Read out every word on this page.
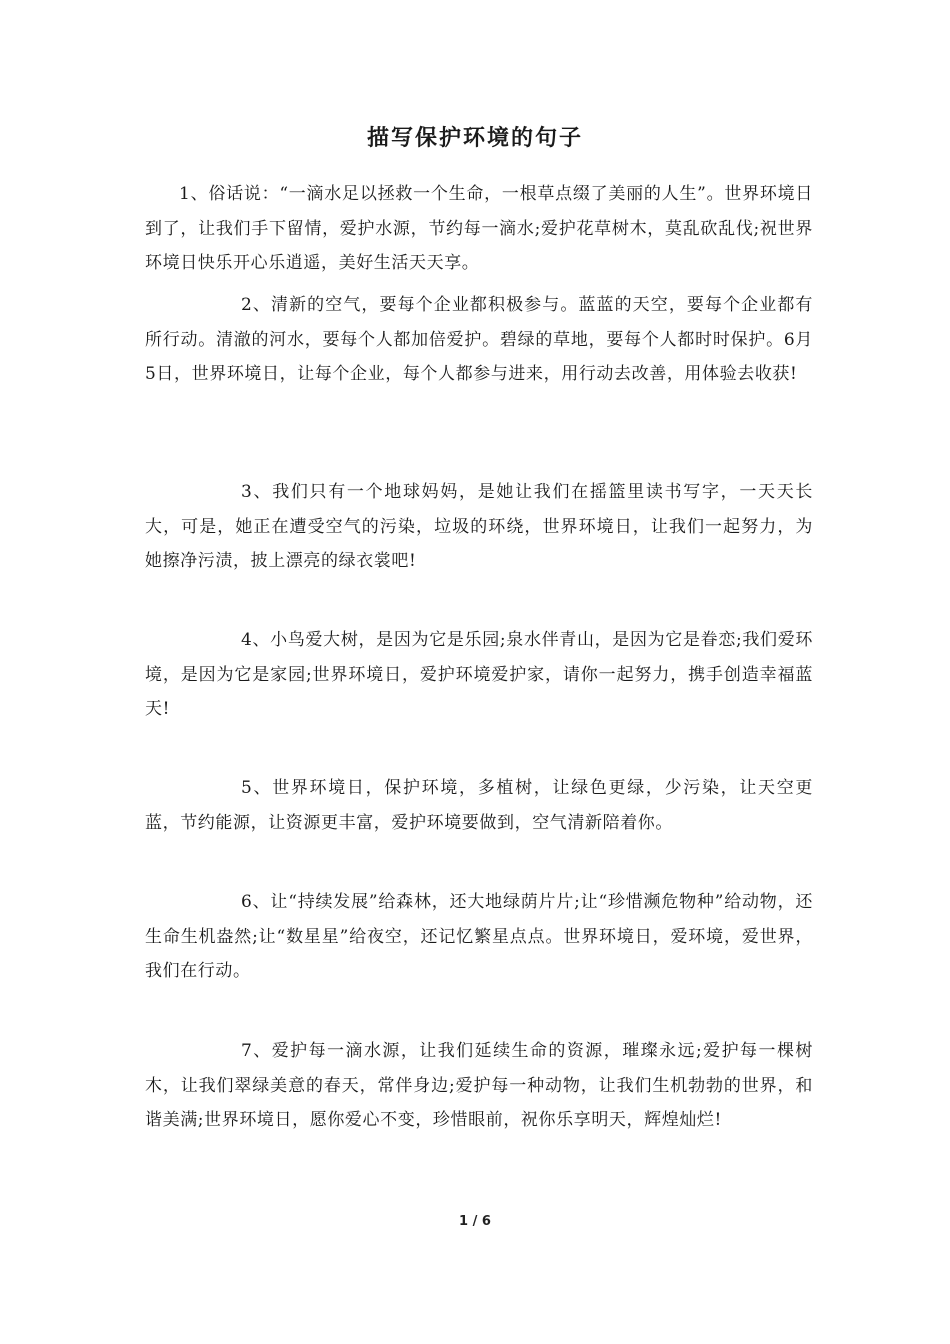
描写保护环境的句子

1、俗话说：“一滴水足以拯救一个生命，一根草点缀了美丽的人生”。世界环境日到了，让我们手下留情，爱护水源，节约每一滴水;爱护花草树木，莫乱砍乱伐;祝世界环境日快乐开心乐逍遥，美好生活天天享。

2、清新的空气，要每个企业都积极参与。蓝蓝的天空，要每个企业都有所行动。清澈的河水，要每个人都加倍爱护。碧绿的草地，要每个人都时时保护。6月5日，世界环境日，让每个企业，每个人都参与进来，用行动去改善，用体验去收获!

3、我们只有一个地球妈妈，是她让我们在摇篮里读书写字，一天天长大，可是，她正在遭受空气的污染，垃圾的环绕，世界环境日，让我们一起努力，为她擦净污渍，披上漂亮的绿衣裳吧!

4、小鸟爱大树，是因为它是乐园;泉水伴青山，是因为它是眷恋;我们爱环境，是因为它是家园;世界环境日，爱护环境爱护家，请你一起努力，携手创造幸福蓝天!

5、世界环境日，保护环境，多植树，让绿色更绿，少污染，让天空更蓝，节约能源，让资源更丰富，爱护环境要做到，空气清新陪着你。

6、让“持续发展”给森林，还大地绿荫片片;让“珍惜濒危物种”给动物，还生命生机盎然;让“数星星”给夜空，还记忆繁星点点。世界环境日，爱环境，爱世界，我们在行动。

7、爱护每一滴水源，让我们延续生命的资源，璀璨永远;爱护每一棵树木，让我们翠绿美意的春天，常伴身边;爱护每一种动物，让我们生机勃勃的世界，和谐美满;世界环境日，愿你爱心不变，珍惜眼前，祝你乐享明天，辉煌灿烂!

1 / 6
